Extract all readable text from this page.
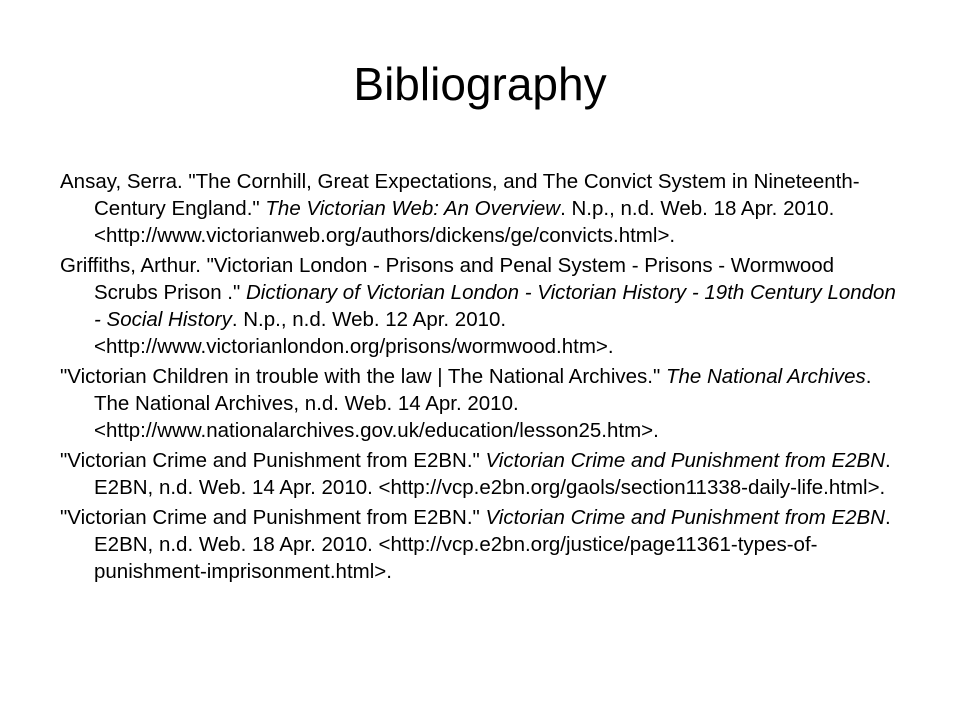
Bibliography
Ansay, Serra. "The Cornhill, Great Expectations, and The Convict System in Nineteenth-Century England." The Victorian Web: An Overview. N.p., n.d. Web. 18 Apr. 2010. <http://www.victorianweb.org/authors/dickens/ge/convicts.html>.
Griffiths, Arthur. "Victorian London - Prisons and Penal System - Prisons - Wormwood Scrubs Prison ." Dictionary of Victorian London - Victorian History - 19th Century London - Social History. N.p., n.d. Web. 12 Apr. 2010. <http://www.victorianlondon.org/prisons/wormwood.htm>.
"Victorian Children in trouble with the law | The National Archives." The National Archives. The National Archives, n.d. Web. 14 Apr. 2010. <http://www.nationalarchives.gov.uk/education/lesson25.htm>.
"Victorian Crime and Punishment from E2BN." Victorian Crime and Punishment from E2BN. E2BN, n.d. Web. 14 Apr. 2010. <http://vcp.e2bn.org/gaols/section11338-daily-life.html>.
"Victorian Crime and Punishment from E2BN." Victorian Crime and Punishment from E2BN. E2BN, n.d. Web. 18 Apr. 2010. <http://vcp.e2bn.org/justice/page11361-types-of-punishment-imprisonment.html>.
